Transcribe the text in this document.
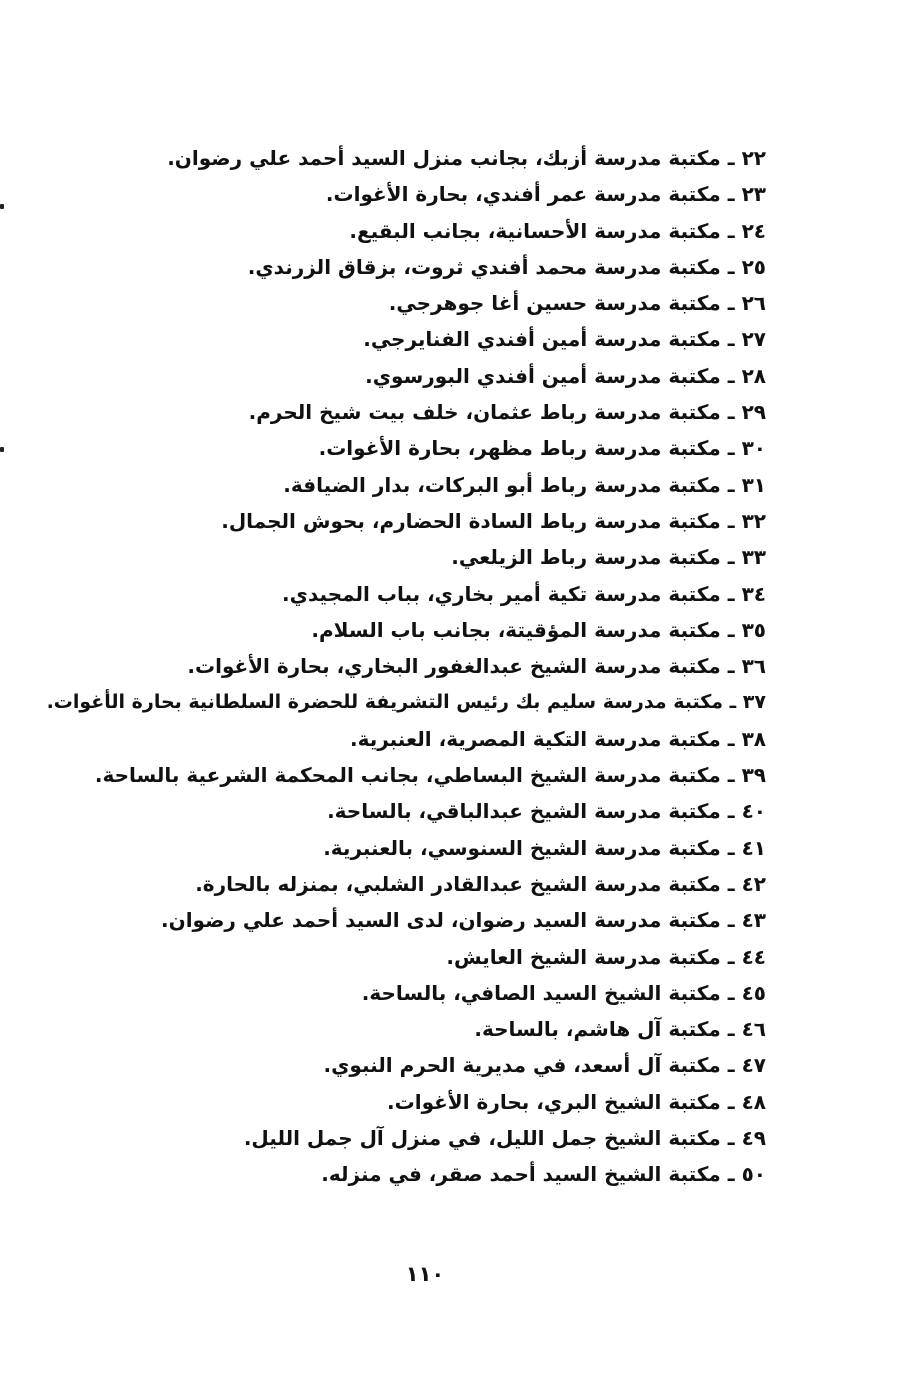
٢٢ ـ مكتبة مدرسة أزبك، بجانب منزل السيد أحمد علي رضوان.
٢٣ ـ مكتبة مدرسة عمر أفندي، بحارة الأغوات.
٢٤ ـ مكتبة مدرسة الأحسانية، بجانب البقيع.
٢٥ ـ مكتبة مدرسة محمد أفندي ثروت، بزقاق الزرندي.
٢٦ ـ مكتبة مدرسة حسين أغا جوهرجي.
٢٧ ـ مكتبة مدرسة أمين أفندي الفنايرجي.
٢٨ ـ مكتبة مدرسة أمين أفندي البورسوي.
٢٩ ـ مكتبة مدرسة رباط عثمان، خلف بيت شيخ الحرم.
٣٠ ـ مكتبة مدرسة رباط مظهر، بحارة الأغوات.
٣١ ـ مكتبة مدرسة رباط أبو البركات، بدار الضيافة.
٣٢ ـ مكتبة مدرسة رباط السادة الحضارم، بحوش الجمال.
٣٣ ـ مكتبة مدرسة رباط الزيلعي.
٣٤ ـ مكتبة مدرسة تكية أمير بخاري، بباب المجيدي.
٣٥ ـ مكتبة مدرسة المؤقيتة، بجانب باب السلام.
٣٦ ـ مكتبة مدرسة الشيخ عبدالغفور البخاري، بحارة الأغوات.
٣٧ ـ مكتبة مدرسة سليم بك رئيس التشريفة للحضرة السلطانية بحارة الأغوات.
٣٨ ـ مكتبة مدرسة التكية المصرية، العنبرية.
٣٩ ـ مكتبة مدرسة الشيخ البساطي، بجانب المحكمة الشرعية بالساحة.
٤٠ ـ مكتبة مدرسة الشيخ عبدالباقي، بالساحة.
٤١ ـ مكتبة مدرسة الشيخ السنوسي، بالعنبرية.
٤٢ ـ مكتبة مدرسة الشيخ عبدالقادر الشلبي، بمنزله بالحارة.
٤٣ ـ مكتبة مدرسة السيد رضوان، لدى السيد أحمد علي رضوان.
٤٤ ـ مكتبة مدرسة الشيخ العايش.
٤٥ ـ مكتبة الشيخ السيد الصافي، بالساحة.
٤٦ ـ مكتبة آل هاشم، بالساحة.
٤٧ ـ مكتبة آل أسعد، في مديرية الحرم النبوي.
٤٨ ـ مكتبة الشيخ البري، بحارة الأغوات.
٤٩ ـ مكتبة الشيخ جمل الليل، في منزل آل جمل الليل.
٥٠ ـ مكتبة الشيخ السيد أحمد صقر، في منزله.
١١٠
